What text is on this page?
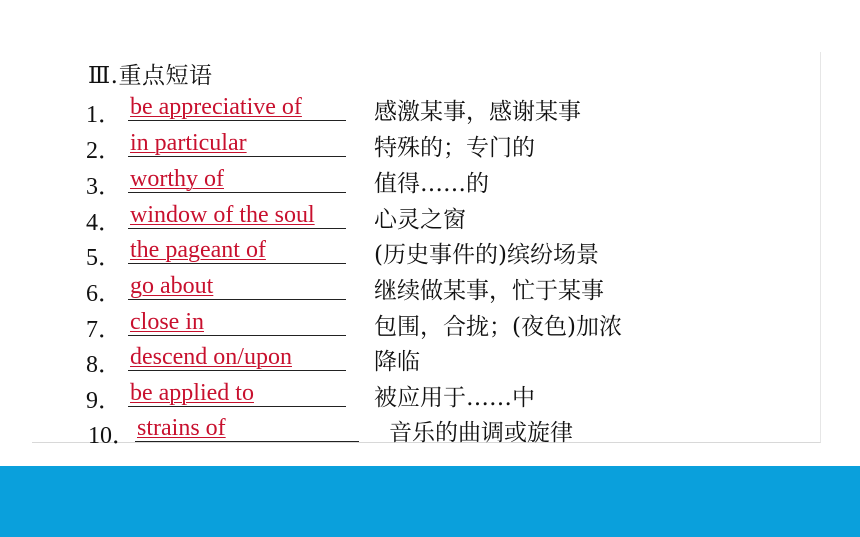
Ⅲ.重点短语
1． be appreciative of	感激某事，感谢某事
2． in particular	特殊的；专门的
3． worthy of	值得……的
4． window of the soul	心灵之窗
5． the pageant of	(历史事件的)缤纷场景
6． go about	继续做某事，忙于某事
7． close in	包围，合拢；(夜色)加浓
8． descend on/upon	降临
9． be applied to	被应用于……中
10． strains of	音乐的曲调或旋律
